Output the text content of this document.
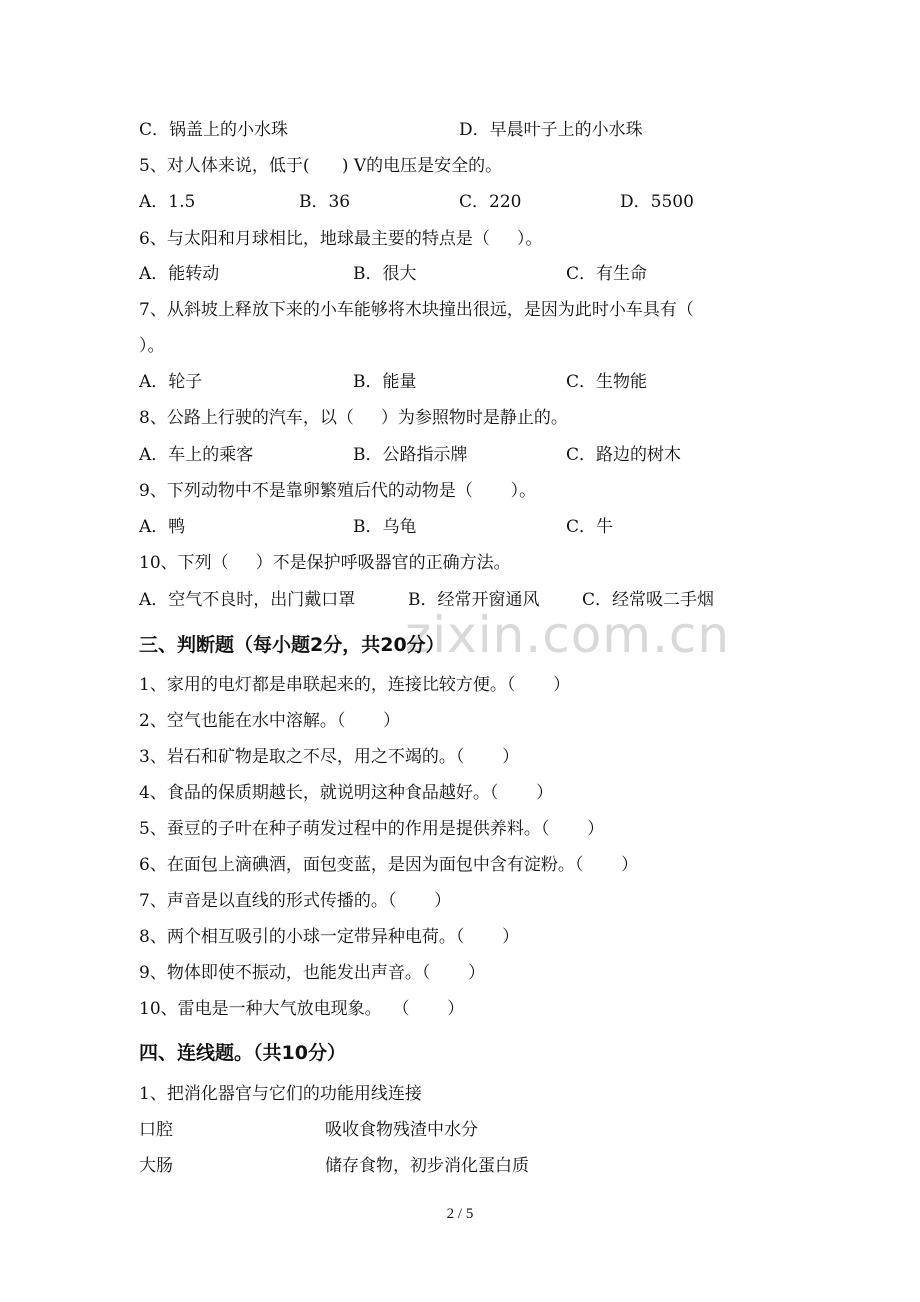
zixin.com.cn
C．锅盖上的小水珠	D．早晨叶子上的小水珠
5、对人体来说，低于(      ) V的电压是安全的。
A．1.5	B．36	C．220	D．5500
6、与太阳和月球相比，地球最主要的特点是（     ）。
A．能转动	B．很大	C．有生命
7、从斜坡上释放下来的小车能够将木块撞出很远，是因为此时小车具有（
）。
A．轮子	B．能量	C．生物能
8、公路上行驶的汽车，以（     ）为参照物时是静止的。
A．车上的乘客	B．公路指示牌	C．路边的树木
9、下列动物中不是靠卵繁殖后代的动物是（       ）。
A．鸭	B．乌龟	C．牛
10、下列（     ）不是保护呼吸器官的正确方法。
A．空气不良时，出门戴口罩	B．经常开窗通风	C．经常吸二手烟
三、判断题（每小题2分，共20分）
1、家用的电灯都是串联起来的，连接比较方便。（       ）
2、空气也能在水中溶解。（       ）
3、岩石和矿物是取之不尽，用之不竭的。（       ）
4、食品的保质期越长，就说明这种食品越好。（       ）
5、蚕豆的子叶在种子萌发过程中的作用是提供养料。（       ）
6、在面包上滴碘酒，面包变蓝，是因为面包中含有淀粉。（       ）
7、声音是以直线的形式传播的。（       ）
8、两个相互吸引的小球一定带异种电荷。（       ）
9、物体即使不振动，也能发出声音。（       ）
10、雷电是一种大气放电现象。  （       ）
四、连线题。（共10分）
1、把消化器官与它们的功能用线连接
口腔	吸收食物残渣中水分
大肠	储存食物，初步消化蛋白质
2 / 5
